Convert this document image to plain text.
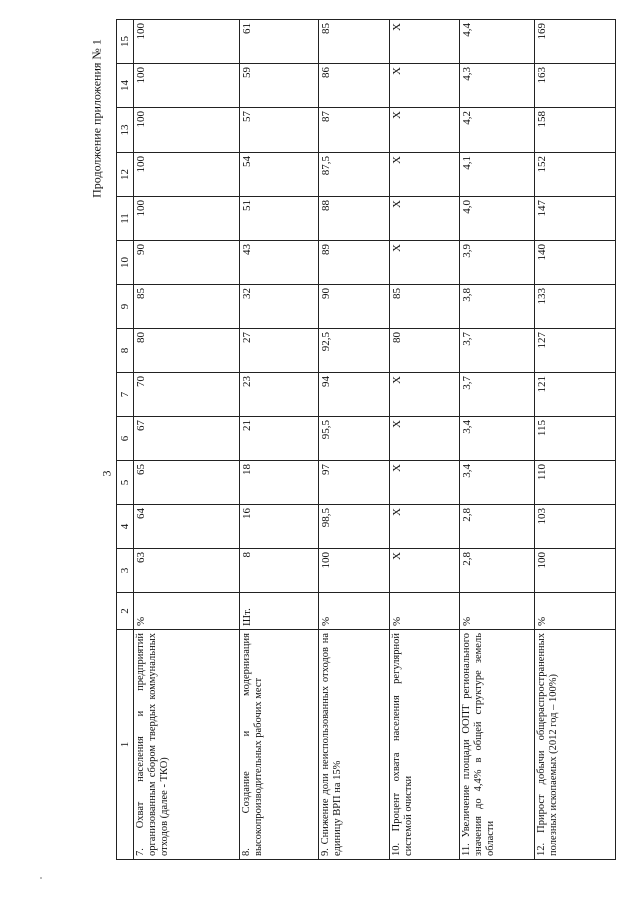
3
Продолжение приложения № 1
1	2	3	4	5	6	7	8	9	10	11	12	13	14	15
7. Охват населения и предприятий организованным сбором твердых коммунальных отходов (далее - ТКО)	%	63	64	65	67	70	80	85	90	100	100	100	100	100
8. Создание и модернизация высокопроизводительных рабочих мест	Шт.	8	16	18	21	23	27	32	43	51	54	57	59	61
9. Снижение доли неиспользованных отходов на единицу ВРП на 15%	%	100	98,5	97	95,5	94	92,5	90	89	88	87,5	87	86	85
10. Процент охвата населения регулярной системой очистки	%	X	X	X	X	X	80	85	X	X	X	X	X	X
11. Увеличение площади ООПТ регионального значения до 4,4% в общей структуре земель области	%	2,8	2,8	3,4	3,4	3,7	3,7	3,8	3,9	4,0	4,1	4,2	4,3	4,4
12. Прирост добычи общераспространенных полезных ископаемых (2012 год – 100%)	%	100	103	110	115	121	127	133	140	147	152	158	163	169
